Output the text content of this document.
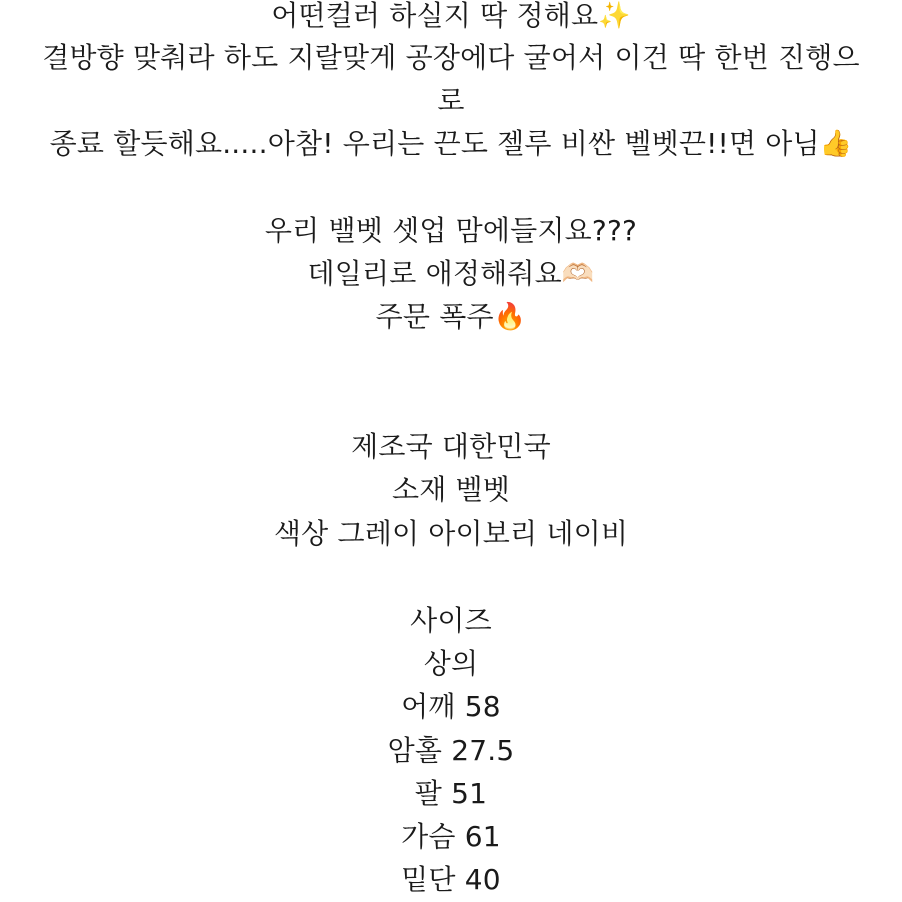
어떤컬러 하실지 딱 정해요✨
결방향 맞춰라 하도 지랄맞게 공장에다 굴어서 이건 딱 한번 진행으
로
종료 할듯해요.....아참! 우리는 끈도 젤루 비싼 벨벳끈!!면 아님👍
우리 밸벳 셋업 맘에들지요???
데일리로 애정해줘요🫶🏻
주문 폭주🔥
제조국 대한민국
소재 벨벳
색상 그레이 아이보리 네이비
사이즈
상의
어깨 58
암홀 27.5
팔 51
가슴 61
밑단 40
